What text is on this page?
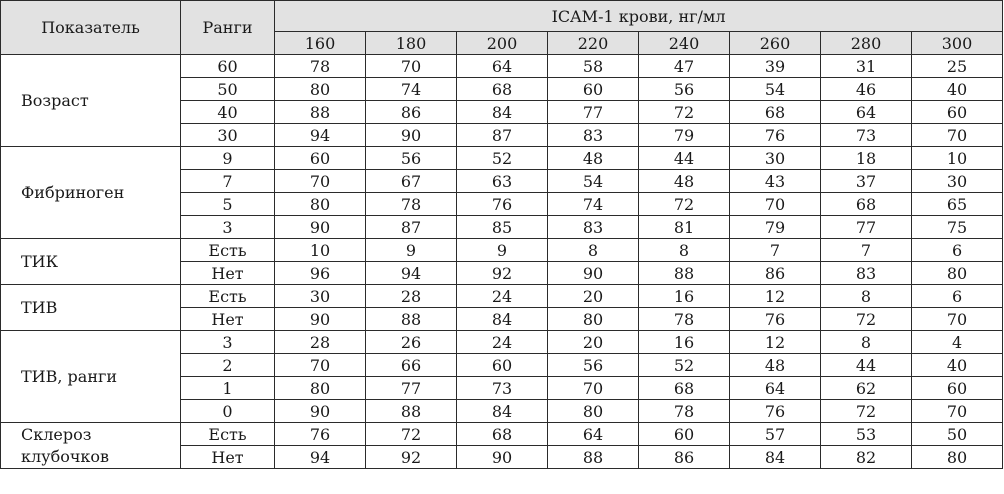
Показатель	Ранги	ICAM-1 крови, нг/мл							
		160	180	200	220	240	260	280	300
Возраст	60	78	70	64	58	47	39	31	25
	50	80	74	68	60	56	54	46	40
	40	88	86	84	77	72	68	64	60
	30	94	90	87	83	79	76	73	70
Фибриноген	9	60	56	52	48	44	30	18	10
	7	70	67	63	54	48	43	37	30
	5	80	78	76	74	72	70	68	65
	3	90	87	85	83	81	79	77	75
ТИК	Есть	10	9	9	8	8	7	7	6
	Нет	96	94	92	90	88	86	83	80
ТИВ	Есть	30	28	24	20	16	12	8	6
	Нет	90	88	84	80	78	76	72	70
ТИВ, ранги	3	28	26	24	20	16	12	8	4
	2	70	66	60	56	52	48	44	40
	1	80	77	73	70	68	64	62	60
	0	90	88	84	80	78	76	72	70
Склероз клубочков	Есть	76	72	68	64	60	57	53	50
	Нет	94	92	90	88	86	84	82	80
